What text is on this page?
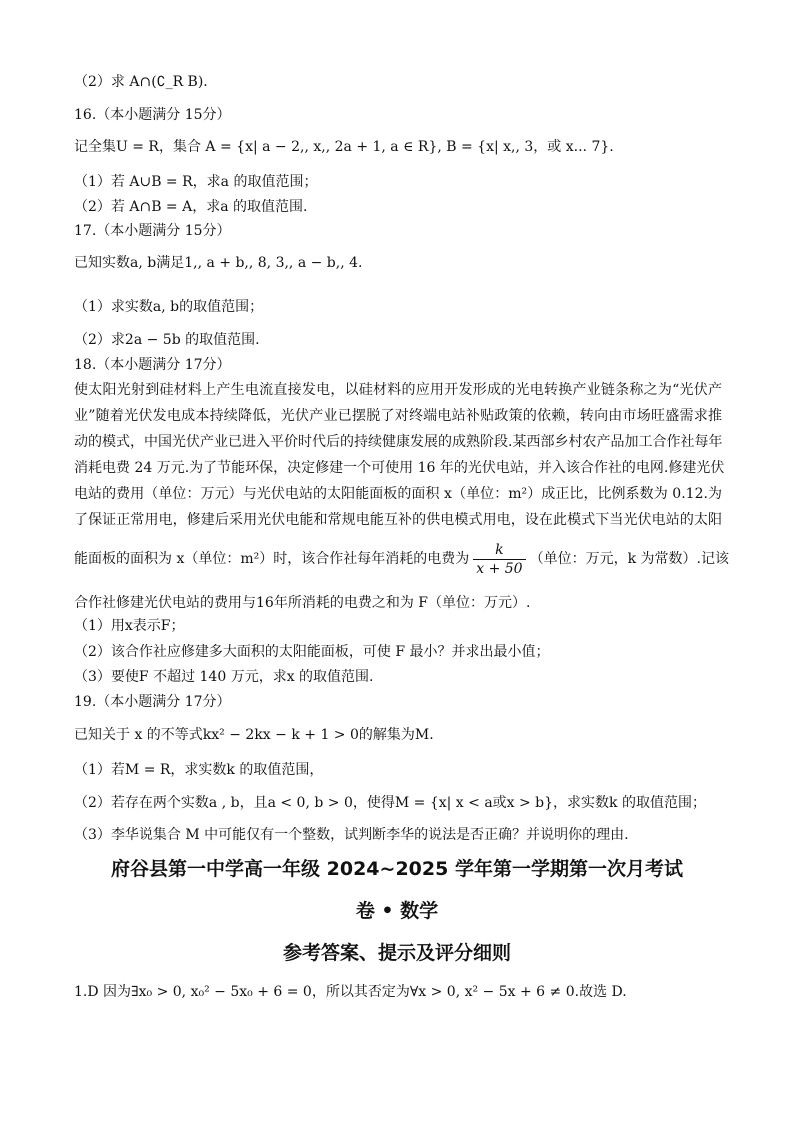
（2）求 A∩(∁_R B).
16.（本小题满分 15分）
记全集U = R，集合 A = {x| a − 2,, x,, 2a + 1, a ∈ R}, B = {x| x,, 3，或 x... 7}.
（1）若 A∪B = R，求a 的取值范围；
（2）若 A∩B = A，求a 的取值范围.
17.（本小题满分 15分）
已知实数a, b满足1,, a + b,, 8, 3,, a − b,, 4.
（1）求实数a, b的取值范围；
（2）求2a − 5b 的取值范围.
18.（本小题满分 17分）
使太阳光射到硅材料上产生电流直接发电，以硅材料的应用开发形成的光电转换产业链条称之为“光伏产
业”随着光伏发电成本持续降低，光伏产业已摆脱了对终端电站补贴政策的依赖，转向由市场旺盛需求推
动的模式，中国光伏产业已进入平价时代后的持续健康发展的成熟阶段.某西部乡村农产品加工合作社每年
消耗电费 24 万元.为了节能环保，决定修建一个可使用 16 年的光伏电站，并入该合作社的电网.修建光伏
电站的费用（单位：万元）与光伏电站的太阳能面板的面积 x（单位：m²）成正比，比例系数为 0.12.为
了保证正常用电，修建后采用光伏电能和常规电能互补的供电模式用电，设在此模式下当光伏电站的太阳
能面板的面积为 x（单位：m²）时，该合作社每年消耗的电费为 $\frac{k}{x + 50}$ （单位：万元，k 为常数）.记该
合作社修建光伏电站的费用与16年所消耗的电费之和为 F（单位：万元）.
（1）用x表示F；
（2）该合作社应修建多大面积的太阳能面板，可使 F 最小？并求出最小值；
（3）要使F 不超过 140 万元，求x 的取值范围.
19.（本小题满分 17分）
已知关于 x 的不等式kx² − 2kx − k + 1 > 0的解集为M.
（1）若M = R，求实数k 的取值范围，
（2）若存在两个实数a , b，且a < 0, b > 0，使得M = {x| x < a或x > b}，求实数k 的取值范围；
（3）李华说集合 M 中可能仅有一个整数，试判断李华的说法是否正确？并说明你的理由.
府谷县第一中学高一年级 2024~2025 学年第一学期第一次月考试
卷 • 数学
参考答案、提示及评分细则
1.D 因为∃x₀ > 0, x₀² − 5x₀ + 6 = 0，所以其否定为∀x > 0, x² − 5x + 6 ≠ 0.故选 D.
